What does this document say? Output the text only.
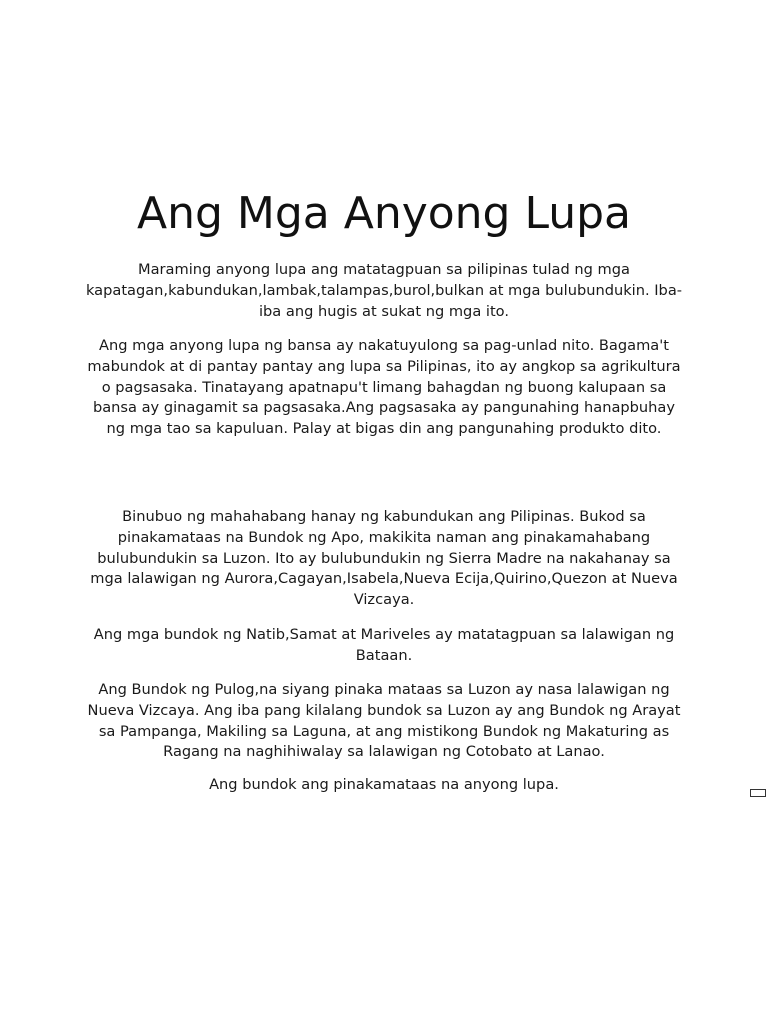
Ang Mga Anyong Lupa

Maraming anyong lupa ang matatagpuan sa pilipinas tulad ng mga kapatagan,kabundukan,lambak,talampas,burol,bulkan at mga bulubundukin. Iba-iba ang hugis at sukat ng mga ito.

Ang mga anyong lupa ng bansa ay nakatuyulong sa pag-unlad nito. Bagama't mabundok at di pantay pantay ang lupa sa Pilipinas, ito ay angkop sa agrikultura o pagsasaka. Tinatayang apatnapu't limang bahagdan ng buong kalupaan sa bansa ay ginagamit sa pagsasaka.Ang pagsasaka ay pangunahing hanapbuhay ng mga tao sa kapuluan. Palay at bigas din ang pangunahing produkto dito.

Binubuo ng mahahabang hanay ng kabundukan ang Pilipinas. Bukod sa pinakamataas na Bundok ng Apo, makikita naman ang pinakamahabang bulubundukin sa Luzon. Ito ay bulubundukin ng Sierra Madre na nakahanay sa mga lalawigan ng Aurora,Cagayan,Isabela,Nueva Ecija,Quirino,Quezon at Nueva Vizcaya.

Ang mga bundok ng Natib,Samat at Mariveles ay matatagpuan sa lalawigan ng Bataan.

Ang Bundok ng Pulog,na siyang pinaka mataas sa Luzon ay nasa lalawigan ng Nueva Vizcaya. Ang iba pang kilalang bundok sa Luzon ay ang Bundok ng Arayat sa Pampanga, Makiling sa Laguna, at ang mistikong Bundok ng Makaturing as Ragang na naghihiwalay sa lalawigan ng Cotobato at Lanao.

Ang bundok ang pinakamataas na anyong lupa.
